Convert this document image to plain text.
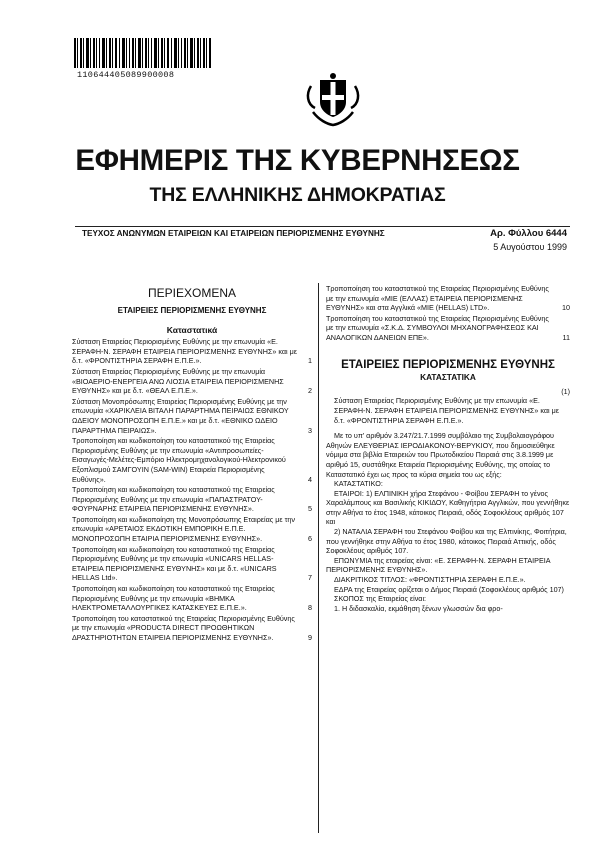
110644405089900008
ΕΦΗΜΕΡΙΣ ΤΗΣ ΚΥΒΕΡΝΗΣΕΩΣ
ΤΗΣ ΕΛΛΗΝΙΚΗΣ ΔΗΜΟΚΡΑΤΙΑΣ
ΤΕΥΧΟΣ ΑΝΩΝΥΜΩΝ ΕΤΑΙΡΕΙΩΝ ΚΑΙ ΕΤΑΙΡΕΙΩΝ ΠΕΡΙΟΡΙΣΜΕΝΗΣ ΕΥΘΥΝΗΣ	Αρ. Φύλλου 6444
5 Αυγούστου 1999
ΠΕΡΙΕΧΟΜΕΝΑ
ΕΤΑΙΡΕΙΕΣ ΠΕΡΙΟΡΙΣΜΕΝΗΣ ΕΥΘΥΝΗΣ
Καταστατικά
Σύσταση Εταιρείας Περιορισμένης Ευθύνης με την επωνυμία «Ε. ΣΕΡΑΦΗ-Ν. ΣΕΡΑΦΗ ΕΤΑΙΡΕΙΑ ΠΕΡΙΟΡΙΣΜΕΝΗΣ ΕΥΘΥΝΗΣ» και με δ.τ. «ΦΡΟΝΤΙΣΤΗΡΙΑ ΣΕΡΑΦΗ Ε.Π.Ε.».	1
Σύσταση Εταιρείας Περιορισμένης Ευθύνης με την επωνυμία «ΒΙΟΑΕΡΙΟ-ΕΝΕΡΓΕΙΑ ΑΝΩ ΛΙΟΣΙΑ ΕΤΑΙΡΕΙΑ ΠΕΡΙΟΡΙΣΜΕΝΗΣ ΕΥΘΥΝΗΣ» και με δ.τ. «ΘΕΑΛ Ε.Π.Ε.».	2
Σύσταση Μονοπρόσωπης Εταιρείας Περιορισμένης Ευθύνης με την επωνυμία «ΧΑΡΙΚΛΕΙΑ ΒΙΤΑΛΗ ΠΑΡΑΡΤΗΜΑ ΠΕΙΡΑΙΩΣ ΕΘΝΙΚΟΥ ΩΔΕΙΟΥ ΜΟΝΟΠΡΟΣΩΠΗ Ε.Π.Ε.» και με δ.τ. «ΕΘΝΙΚΟ ΩΔΕΙΟ ΠΑΡΑΡΤΗΜΑ ΠΕΙΡΑΙΩΣ».	3
Τροποποίηση και κωδικοποίηση του καταστατικού της Εταιρείας Περιορισμένης Ευθύνης με την επωνυμία «Αντιπροσωπείες-Εισαγωγές-Μελέτες-Εμπόριο Ηλεκτρομηχανολογικού-Ηλεκτρονικού Εξοπλισμού ΣΑΜΓΟΥΙΝ (SAM-WIN) Εταιρεία Περιορισμένης Ευθύνης».	4
Τροποποίηση και κωδικοποίηση του καταστατικού της Εταιρείας Περιορισμένης Ευθύνης με την επωνυμία «ΠΑΠΑΣΤΡΑΤΟΥ-ΦΟΥΡΝΑΡΗΣ ΕΤΑΙΡΕΙΑ ΠΕΡΙΟΡΙΣΜΕΝΗΣ ΕΥΘΥΝΗΣ».	5
Τροποποίηση και κωδικοποίηση της Μονοπρόσωπης Εταιρείας με την επωνυμία «ΑΡΕΤΑΙΟΣ ΕΚΔΟΤΙΚΗ ΕΜΠΟΡΙΚΗ Ε.Π.Ε. ΜΟΝΟΠΡΟΣΩΠΗ ΕΤΑΙΡΙΑ ΠΕΡΙΟΡΙΣΜΕΝΗΣ ΕΥΘΥΝΗΣ».	6
Τροποποίηση και κωδικοποίηση του καταστατικού της Εταιρείας Περιορισμένης Ευθύνης με την επωνυμία «UNICARS HELLAS-ΕΤΑΙΡΕΙΑ ΠΕΡΙΟΡΙΣΜΕΝΗΣ ΕΥΘΥΝΗΣ» και με δ.τ. «UNICARS HELLAS Ltd».	7
Τροποποίηση και κωδικοποίηση του καταστατικού της Εταιρείας Περιορισμένης Ευθύνης με την επωνυμία «ΒΗΜΚΑ ΗΛΕΚΤΡΟΜΕΤΑΛΛΟΥΡΓΙΚΕΣ ΚΑΤΑΣΚΕΥΕΣ Ε.Π.Ε.».	8
Τροποποίηση του καταστατικού της Εταιρείας Περιορισμένης Ευθύνης με την επωνυμία «PRODUCTA DIRECT ΠΡΟΩΘΗΤΙΚΩΝ ΔΡΑΣΤΗΡΙΟΤΗΤΩΝ ΕΤΑΙΡΕΙΑ ΠΕΡΙΟΡΙΣΜΕΝΗΣ ΕΥΘΥΝΗΣ».	9
Τροποποίηση του καταστατικού της Εταιρείας Περιορισμένης Ευθύνης με την επωνυμία «ΜΙΕ (ΕΛΛΑΣ) ΕΤΑΙΡΕΙΑ ΠΕΡΙΟΡΙΣΜΕΝΗΣ ΕΥΘΥΝΗΣ» και στα Αγγλικά «ΜΙΕ (HELLAS) LTD».	10
Τροποποίηση του καταστατικού της Εταιρείας Περιορισμένης Ευθύνης με την επωνυμία «Σ.Κ.Δ. ΣΥΜΒΟΥΛΟΙ ΜΗΧΑΝΟΓΡΑΦΗΣΕΩΣ ΚΑΙ ΑΝΑΛΟΓΙΚΩΝ ΔΑΝΕΙΩΝ ΕΠΕ».	11
ΕΤΑΙΡΕΙΕΣ ΠΕΡΙΟΡΙΣΜΕΝΗΣ ΕΥΘΥΝΗΣ
ΚΑΤΑΣΤΑΤΙΚΑ
(1)
Σύσταση Εταιρείας Περιορισμένης Ευθύνης με την επωνυμία «Ε. ΣΕΡΑΦΗ-Ν. ΣΕΡΑΦΗ ΕΤΑΙΡΕΙΑ ΠΕΡΙΟΡΙΣΜΕΝΗΣ ΕΥΘΥΝΗΣ» και με δ.τ. «ΦΡΟΝΤΙΣΤΗΡΙΑ ΣΕΡΑΦΗ Ε.Π.Ε.».
Με το υπ' αριθμόν 3.247/21.7.1999 συμβόλαιο της Συμβολαιογράφου Αθηνών ΕΛΕΥΘΕΡΙΑΣ ΙΕΡΟΔΙΑΚΟΝΟΥ-ΒΕΡΥΚΙΟΥ, που δημοσιεύθηκε νόμιμα στα βιβλία Εταιρειών του Πρωτοδικείου Πειραιά στις 3.8.1999 με αριθμό 15, συστάθηκε Εταιρεία Περιορισμένης Ευθύνης, της οποίας το Καταστατικό έχει ως προς τα κύρια σημεία του ως εξής:
ΚΑΤΑΣΤΑΤΙΚΟ:
ΕΤΑΙΡΟΙ: 1) ΕΛΠΙΝΙΚΗ χήρα Στεφάνου - Φοίβου ΣΕΡΑΦΗ το γένος Χαραλάμπους και Βασιλικής ΚΙΚΙΔΟΥ, Καθηγήτρια Αγγλικών, που γεννήθηκε στην Αθήνα το έτος 1948, κάτοικος Πειραιά, οδός Σοφοκλέους αριθμός 107 και
2) ΝΑΤΑΛΙΑ ΣΕΡΑΦΗ του Στεφάνου Φοίβου και της Ελπινίκης, Φοιτήτρια, που γεννήθηκε στην Αθήνα το έτος 1980, κάτοικος Πειραιά Αττικής, οδός Σοφοκλέους αριθμός 107.
ΕΠΩΝΥΜΙΑ της εταιρείας είναι: «Ε. ΣΕΡΑΦΗ-Ν. ΣΕΡΑΦΗ ΕΤΑΙΡΕΙΑ ΠΕΡΙΟΡΙΣΜΕΝΗΣ ΕΥΘΥΝΗΣ».
ΔΙΑΚΡΙΤΙΚΟΣ ΤΙΤΛΟΣ: «ΦΡΟΝΤΙΣΤΗΡΙΑ ΣΕΡΑΦΗ Ε.Π.Ε.».
ΕΔΡΑ της Εταιρείας ορίζεται ο Δήμος Πειραιά (Σοφοκλέους αριθμός 107)
ΣΚΟΠΟΣ της Εταιρείας είναι:
1. Η διδασκαλία, εκμάθηση ξένων γλωσσών δια φρο-
